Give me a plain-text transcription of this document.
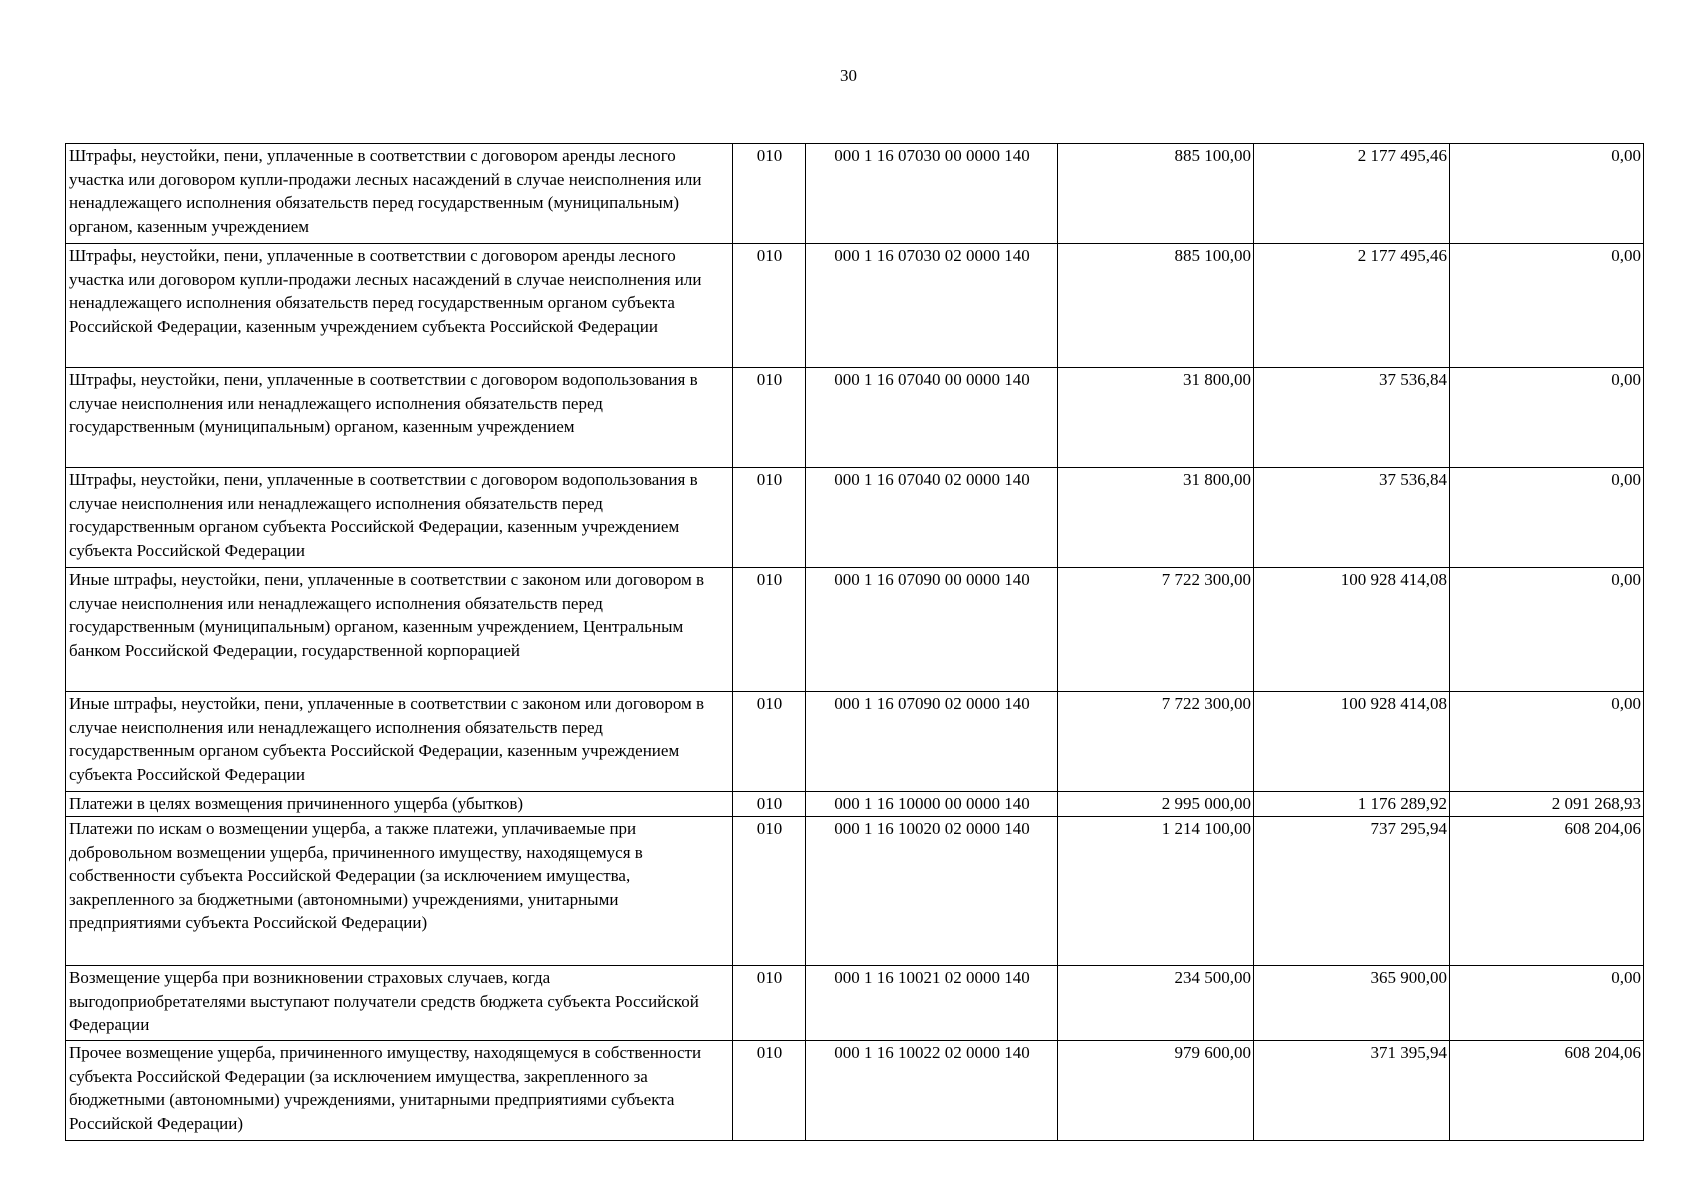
30
Штрафы, неустойки, пени, уплаченные в соответствии с договором аренды лесного участка или договором купли-продажи лесных насаждений в случае неисполнения или ненадлежащего исполнения обязательств перед государственным (муниципальным) органом, казенным учреждением	010	000 1 16 07030 00 0000 140	885 100,00	2 177 495,46	0,00
Штрафы, неустойки, пени, уплаченные в соответствии с договором аренды лесного участка или договором купли-продажи лесных насаждений в случае неисполнения или ненадлежащего исполнения обязательств перед государственным органом субъекта Российской Федерации, казенным учреждением субъекта Российской Федерации	010	000 1 16 07030 02 0000 140	885 100,00	2 177 495,46	0,00
Штрафы, неустойки, пени, уплаченные в соответствии с договором водопользования в случае неисполнения или ненадлежащего исполнения обязательств перед государственным (муниципальным) органом, казенным учреждением	010	000 1 16 07040 00 0000 140	31 800,00	37 536,84	0,00
Штрафы, неустойки, пени, уплаченные в соответствии с договором водопользования в случае неисполнения или ненадлежащего исполнения обязательств перед государственным органом субъекта Российской Федерации, казенным учреждением субъекта Российской Федерации	010	000 1 16 07040 02 0000 140	31 800,00	37 536,84	0,00
Иные штрафы, неустойки, пени, уплаченные в соответствии с законом или договором в случае неисполнения или ненадлежащего исполнения обязательств перед государственным (муниципальным) органом, казенным учреждением, Центральным банком Российской Федерации, государственной корпорацией	010	000 1 16 07090 00 0000 140	7 722 300,00	100 928 414,08	0,00
Иные штрафы, неустойки, пени, уплаченные в соответствии с законом или договором в случае неисполнения или ненадлежащего исполнения обязательств перед государственным органом субъекта Российской Федерации, казенным учреждением субъекта Российской Федерации	010	000 1 16 07090 02 0000 140	7 722 300,00	100 928 414,08	0,00
Платежи в целях возмещения причиненного ущерба (убытков)	010	000 1 16 10000 00 0000 140	2 995 000,00	1 176 289,92	2 091 268,93
Платежи по искам о возмещении ущерба, а также платежи, уплачиваемые при добровольном возмещении ущерба, причиненного имуществу, находящемуся в собственности субъекта Российской Федерации (за исключением имущества, закрепленного за бюджетными (автономными) учреждениями, унитарными предприятиями субъекта Российской Федерации)	010	000 1 16 10020 02 0000 140	1 214 100,00	737 295,94	608 204,06
Возмещение ущерба при возникновении страховых случаев, когда выгодоприобретателями выступают получатели средств бюджета субъекта Российской Федерации	010	000 1 16 10021 02 0000 140	234 500,00	365 900,00	0,00
Прочее возмещение ущерба, причиненного имуществу, находящемуся в собственности субъекта Российской Федерации (за исключением имущества, закрепленного за бюджетными (автономными) учреждениями, унитарными предприятиями субъекта Российской Федерации)	010	000 1 16 10022 02 0000 140	979 600,00	371 395,94	608 204,06
